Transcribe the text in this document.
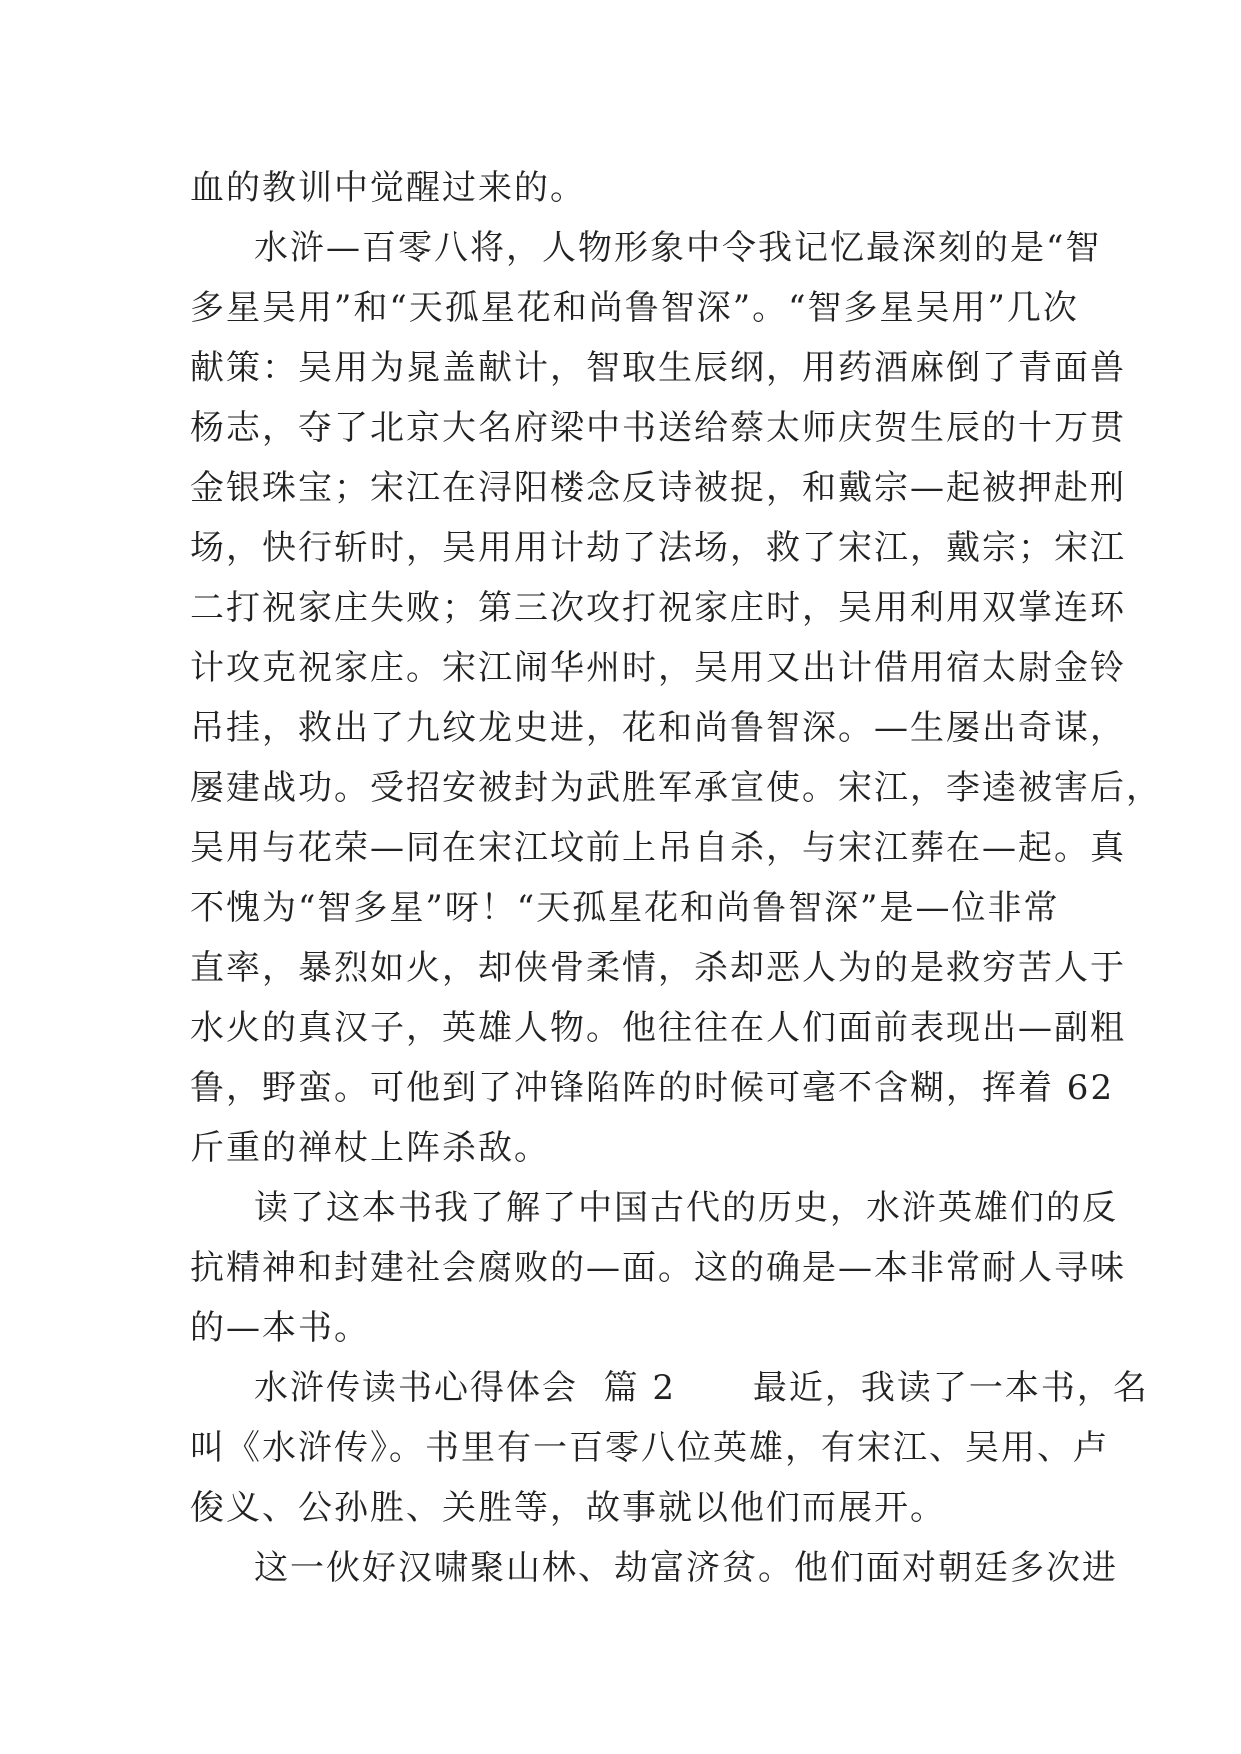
血的教训中觉醒过来的。
水浒—百零八将，人物形象中令我记忆最深刻的是“智
多星吴用”和“天孤星花和尚鲁智深”。“智多星吴用”几次
献策：吴用为晁盖献计，智取生辰纲，用药酒麻倒了青面兽
杨志，夺了北京大名府梁中书送给蔡太师庆贺生辰的十万贯
金银珠宝；宋江在浔阳楼念反诗被捉，和戴宗—起被押赴刑
场，快行斩时，吴用用计劫了法场，救了宋江，戴宗；宋江
二打祝家庄失败；第三次攻打祝家庄时，吴用利用双掌连环
计攻克祝家庄。宋江闹华州时，吴用又出计借用宿太尉金铃
吊挂，救出了九纹龙史进，花和尚鲁智深。—生屡出奇谋，
屡建战功。受招安被封为武胜军承宣使。宋江，李逵被害后，
吴用与花荣—同在宋江坟前上吊自杀，与宋江葬在—起。真
不愧为“智多星”呀！“天孤星花和尚鲁智深”是—位非常
直率，暴烈如火，却侠骨柔情，杀却恶人为的是救穷苦人于
水火的真汉子，英雄人物。他往往在人们面前表现出—副粗
鲁，野蛮。可他到了冲锋陷阵的时候可毫不含糊，挥着 62
斤重的禅杖上阵杀敌。
读了这本书我了解了中国古代的历史，水浒英雄们的反
抗精神和封建社会腐败的—面。这的确是—本非常耐人寻味
的—本书。
水浒传读书心得体会  篇 2      最近，我读了一本书，名
叫《水浒传》。书里有一百零八位英雄，有宋江、吴用、卢
俊义、公孙胜、关胜等，故事就以他们而展开。
这一伙好汉啸聚山林、劫富济贫。他们面对朝廷多次进
